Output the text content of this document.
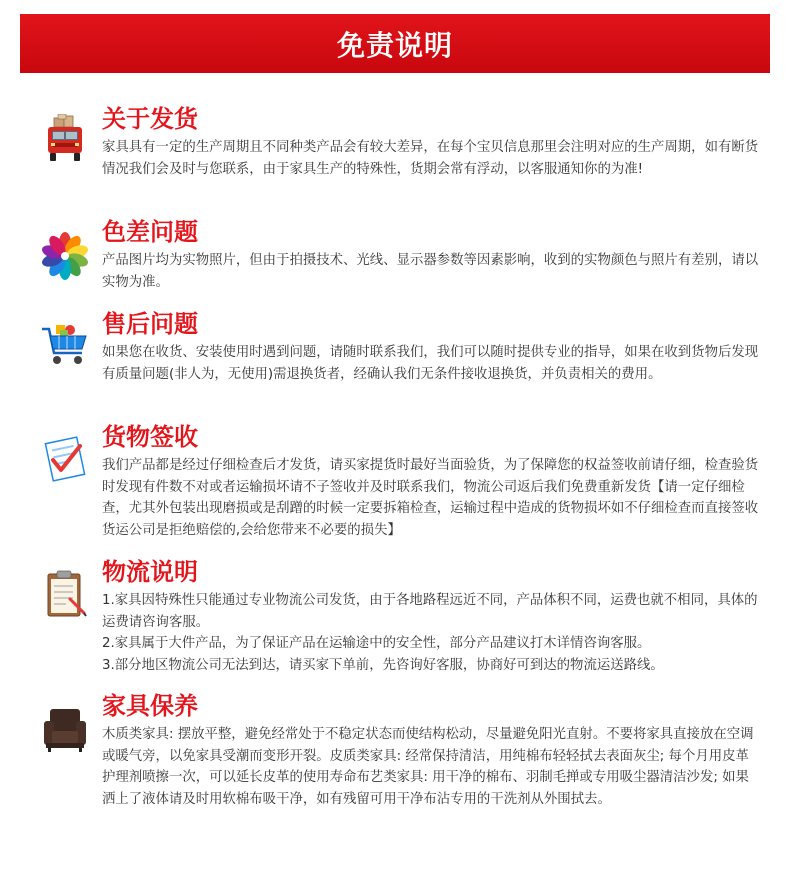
免责说明
关于发货

家具具有一定的生产周期且不同种类产品会有较大差异，在每个宝贝信息那里会注明对应的生产周期，如有断货情况我们会及时与您联系，由于家具生产的特殊性，货期会常有浮动，以客服通知你的为准!

色差问题

产品图片均为实物照片，但由于拍摄技术、光线、显示器参数等因素影响，收到的实物颜色与照片有差别，请以实物为准。

售后问题

如果您在收货、安装使用时遇到问题，请随时联系我们，我们可以随时提供专业的指导，如果在收到货物后发现有质量问题(非人为，无使用)需退换货者，经确认我们无条件接收退换货，并负责相关的费用。

货物签收

我们产品都是经过仔细检查后才发货，请买家提货时最好当面验货，为了保障您的权益签收前请仔细，检查验货时发现有件数不对或者运输损坏请不子签收并及时联系我们，物流公司返后我们免费重新发货【请一定仔细检查，尤其外包装出现磨损或是刮蹭的时候一定要拆箱检查，运输过程中造成的货物损坏如不仔细检查而直接签收货运公司是拒绝赔偿的,会给您带来不必要的损失】

物流说明

1.家具因特殊性只能通过专业物流公司发货，由于各地路程远近不同，产品体积不同，运费也就不相同，具体的运费请咨询客服。

2.家具属于大件产品，为了保证产品在运输途中的安全性，部分产品建议打木详情咨询客服。

3.部分地区物流公司无法到达，请买家下单前，先咨询好客服，协商好可到达的物流运送路线。

家具保养

木质类家具: 摆放平整，避免经常处于不稳定状态而使结构松动，尽量避免阳光直射。不要将家具直接放在空调或暖气旁，以免家具受潮而变形开裂。皮质类家具: 经常保持清洁，用纯棉布轻轻拭去表面灰尘; 每个月用皮革护理剂喷擦一次，可以延长皮革的使用寿命布艺类家具: 用干净的棉布、羽制毛掸或专用吸尘器清洁沙发; 如果洒上了液体请及时用软棉布吸干净，如有残留可用干净布沾专用的干洗剂从外围拭去。
